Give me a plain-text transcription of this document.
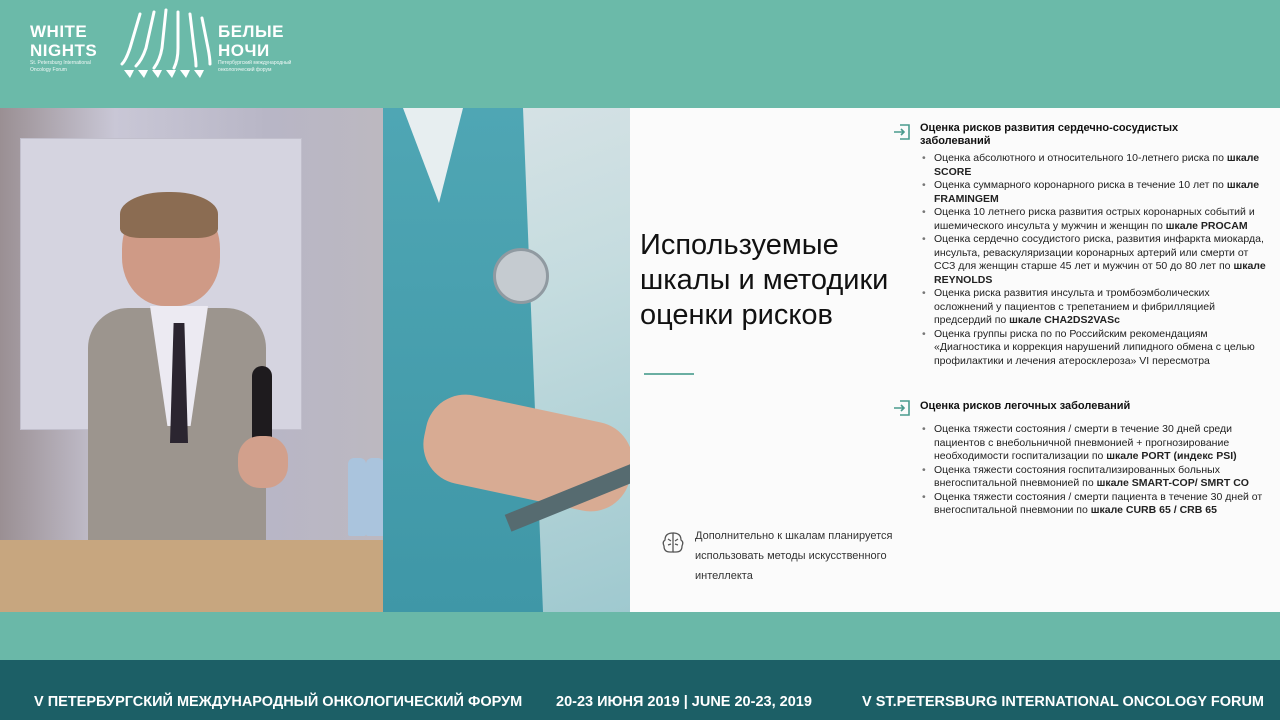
WHITE
NIGHTS
St. Petersburg International
Oncology Forum
БЕЛЫЕ
НОЧИ
Петербургский международный
онкологический форум
Используемые шкалы и методики оценки рисков
Дополнительно к шкалам планируется использовать методы искусственного интеллекта
Оценка рисков развития сердечно-сосудистых заболеваний
• Оценка абсолютного и относительного 10-летнего риска по шкале SCORE
• Оценка суммарного коронарного риска в течение 10 лет по шкале FRAMINGEM
• Оценка 10 летнего риска развития острых коронарных событий и ишемического инсульта у мужчин и женщин по шкале PROCAM
• Оценка сердечно сосудистого риска, развития инфаркта миокарда, инсульта, реваскуляризации коронарных артерий или смерти от ССЗ для женщин старше 45 лет и мужчин от 50 до 80 лет по шкале REYNOLDS
• Оценка риска развития инсульта и тромбоэмболических осложнений у пациентов с трепетанием и фибрилляцией предсердий по шкале CHA2DS2VASc
• Оценка группы риска по по Российским рекомендациям «Диагностика и коррекция нарушений липидного обмена с целью профилактики и лечения атеросклероза» VI пересмотра
Оценка рисков легочных заболеваний
• Оценка тяжести состояния / смерти в течение 30 дней среди пациентов с внебольничной пневмонией + прогнозирование необходимости госпитализации по шкале PORT (индекс PSI)
• Оценка тяжести состояния госпитализированных больных внегоспитальной пневмонией по шкале SMART-COP/ SMRT CO
• Оценка тяжести состояния / смерти пациента в течение 30 дней от внегоспитальной пневмонии по шкале CURB 65 / CRB 65
V ПЕТЕРБУРГСКИЙ МЕЖДУНАРОДНЫЙ ОНКОЛОГИЧЕСКИЙ ФОРУМ 20-23 ИЮНЯ 2019 | JUNE 20-23, 2019	V ST.PETERSBURG INTERNATIONAL ONCOLOGY FORUM
